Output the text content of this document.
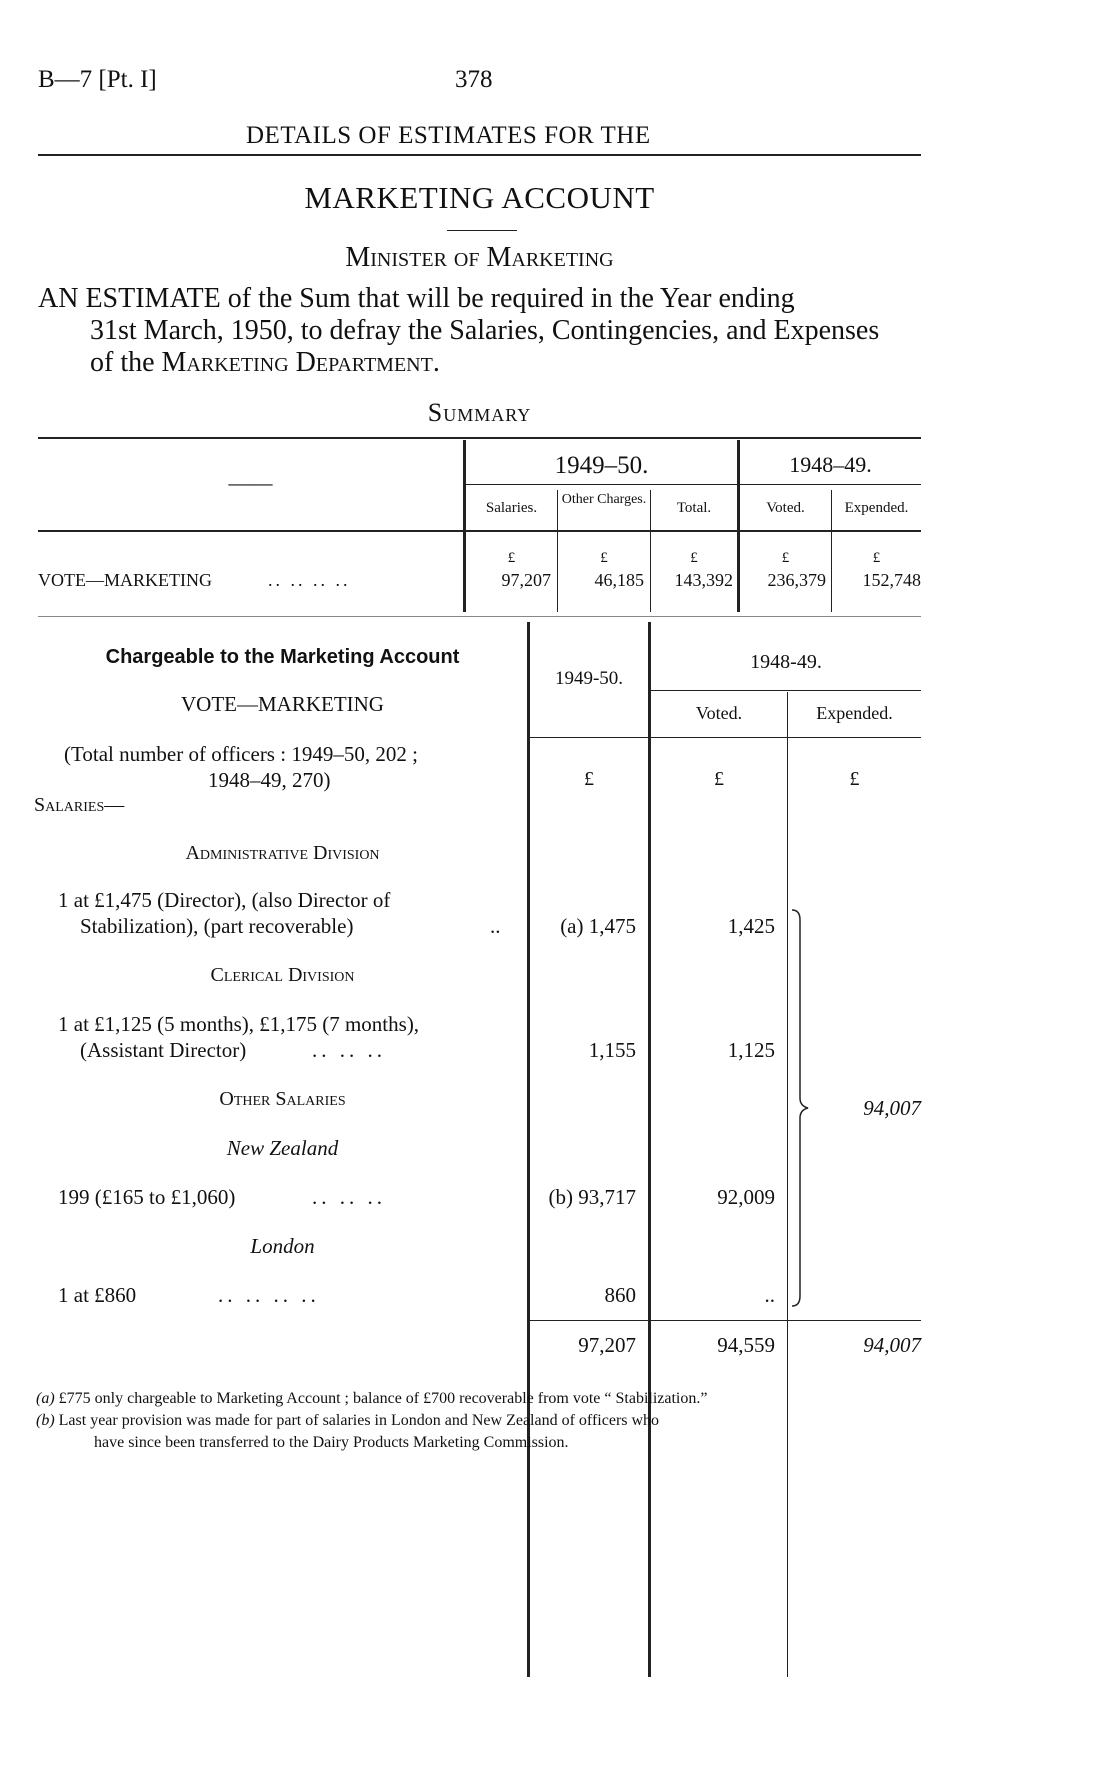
B—7 [Pt. I]	378
DETAILS OF ESTIMATES FOR THE
MARKETING ACCOUNT
Minister of Marketing
AN ESTIMATE of the Sum that will be required in the Year ending
31st March, 1950, to defray the Salaries, Contingencies, and Expenses
of the Marketing Department.
Summary
——
1949–50.	1948–49.
Salaries.
Other Charges.
Total.	Voted.	Expended.
£	£	£	£	£
VOTE—MARKETING	.. .. .. ..	97,207	46,185	143,392	236,379	152,748
Chargeable to the Marketing Account
VOTE—MARKETING
1949-50.
1948-49.
Voted.	Expended.
(Total number of officers : 1949–50, 202 ;
1948–49, 270)
Salaries—
£	£	£
Administrative Division
1 at £1,475 (Director), (also Director of
Stabilization), (part recoverable)	..	(a) 1,475	1,425
Clerical Division
1 at £1,125 (5 months), £1,175 (7 months),
(Assistant Director)	.. .. ..	1,155	1,125
Other Salaries
New Zealand
199 (£165 to £1,060)	.. .. ..	(b) 93,717	92,009
London
1 at £860	.. .. .. ..	860	..
94,007
97,207	94,559	94,007
(a) £775 only chargeable to Marketing Account ; balance of £700 recoverable from vote “ Stabilization.”
(b) Last year provision was made for part of salaries in London and New Zealand of officers who
have since been transferred to the Dairy Products Marketing Commission.
